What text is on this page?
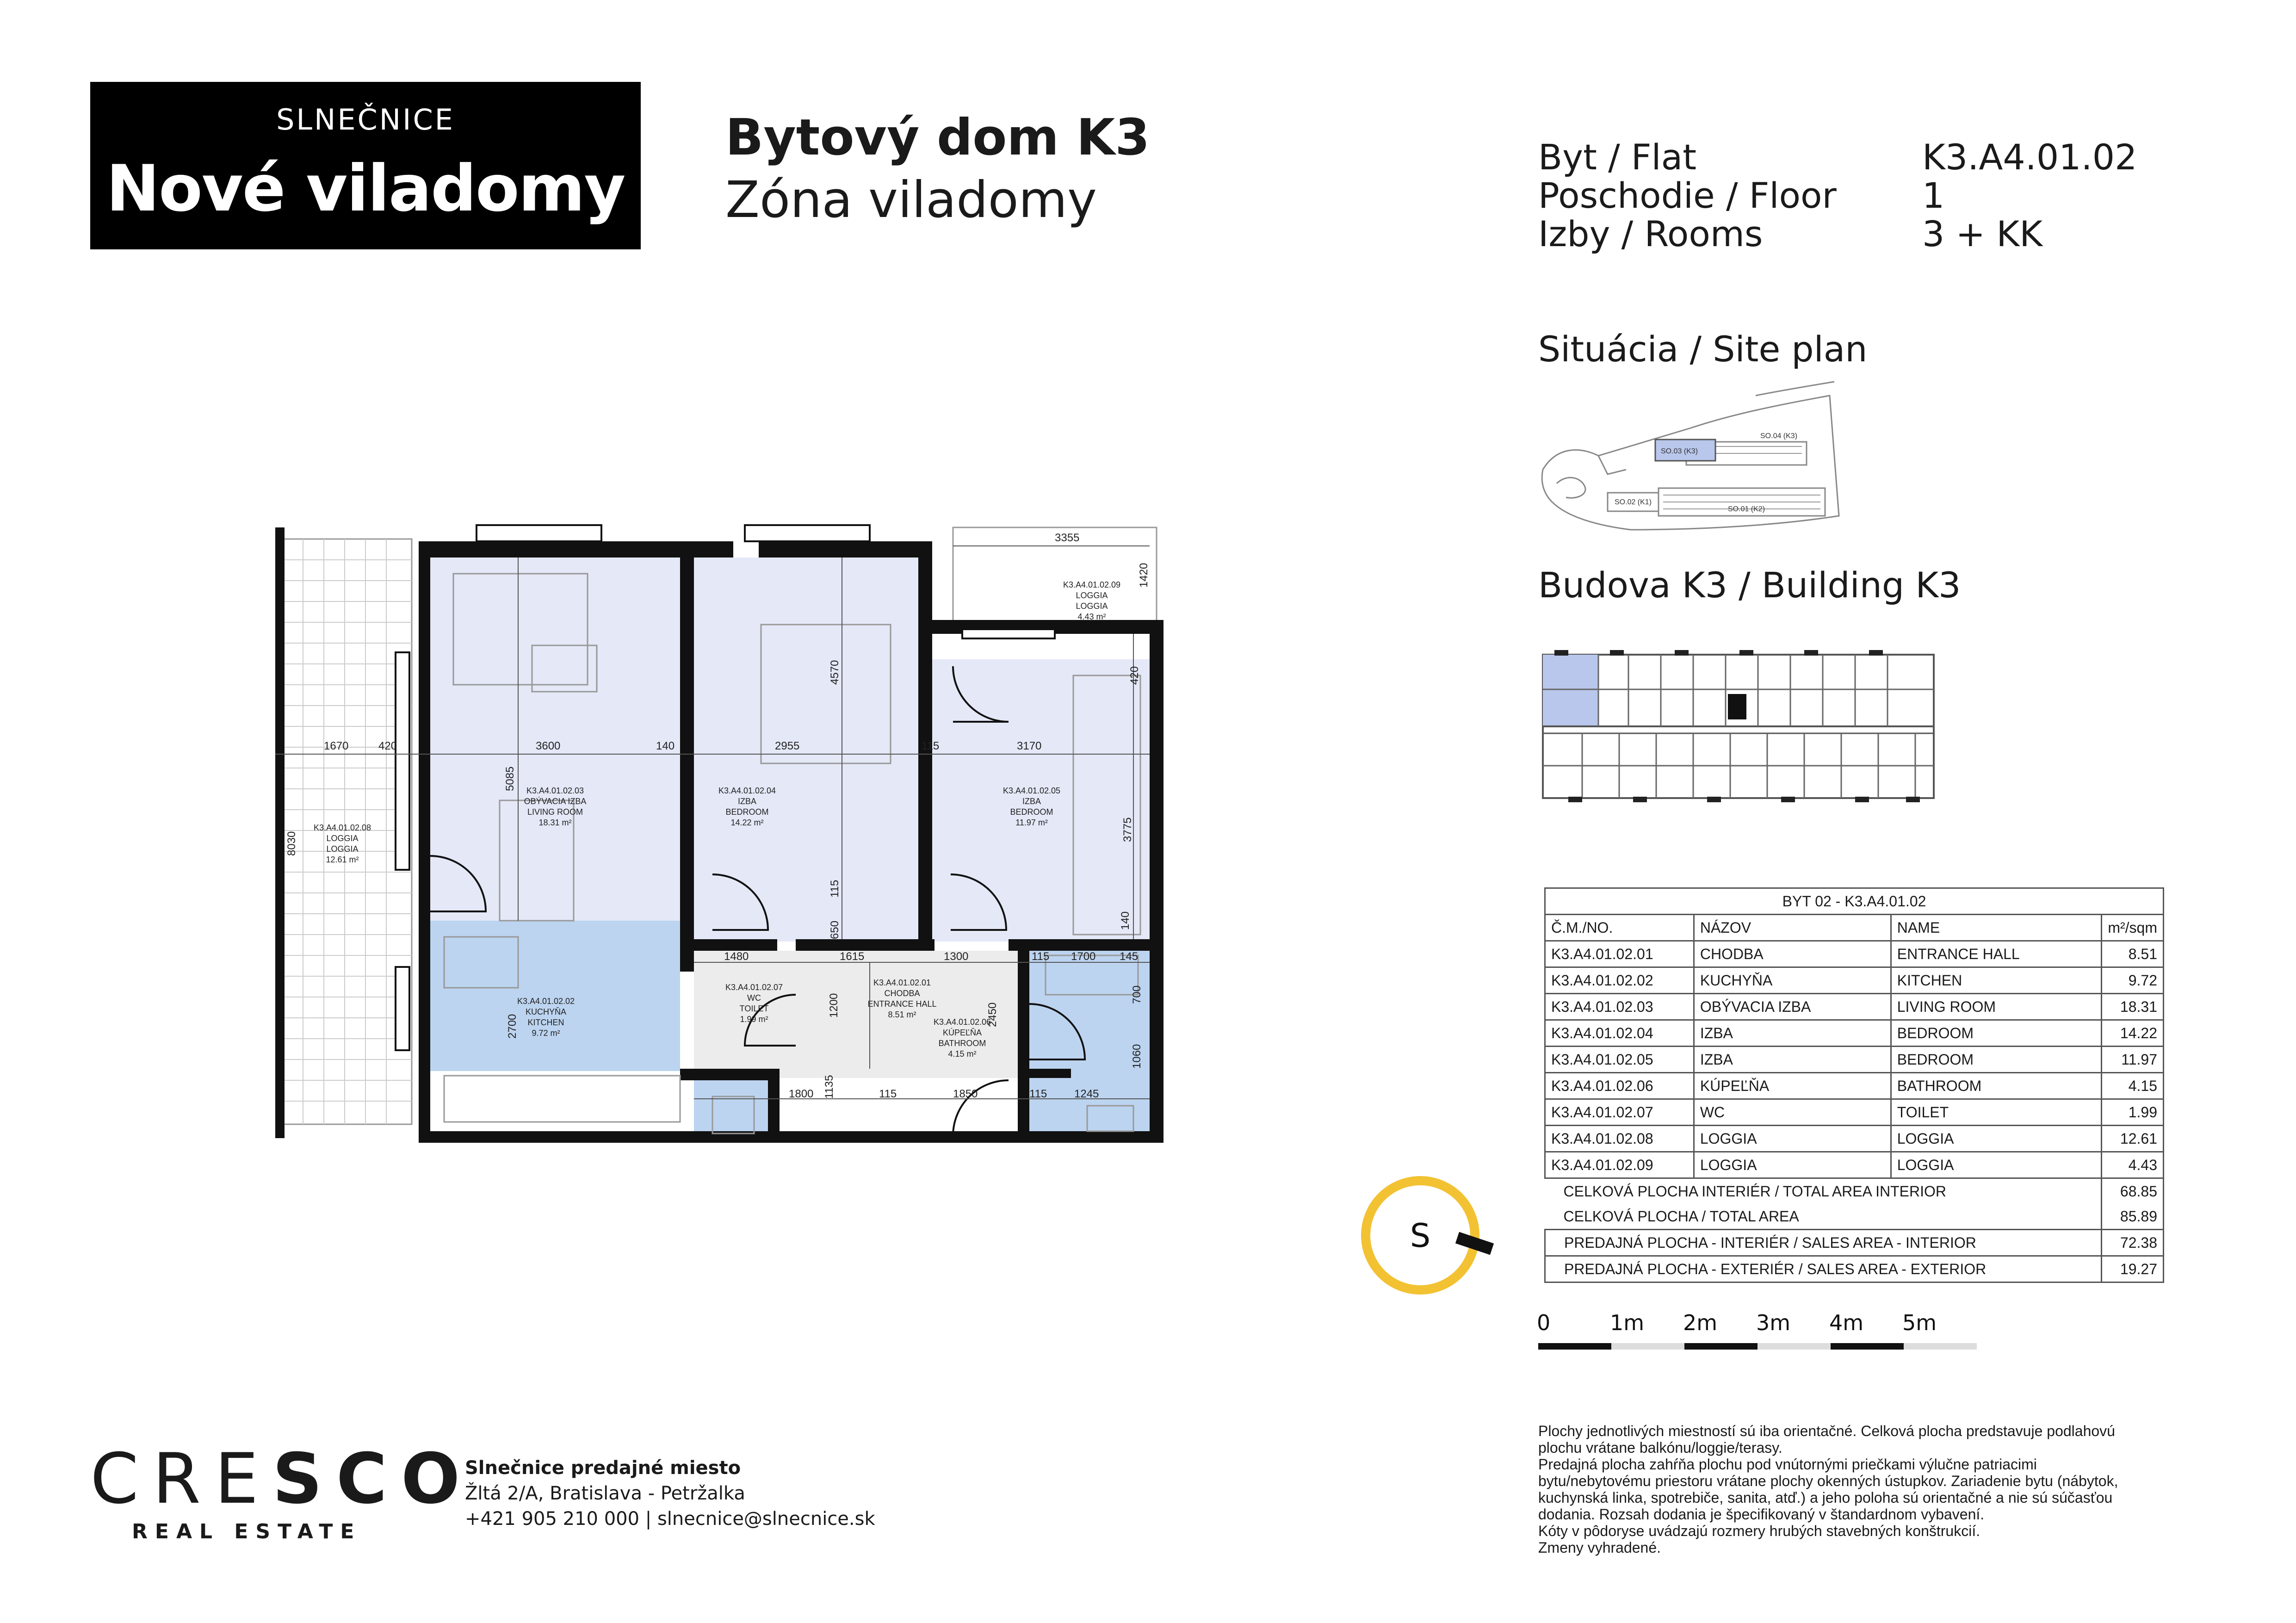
SLNEČNICE
Nové viladomy
Bytový dom K3
Zóna viladomy
Byt / Flat	K3.A4.01.02
Poschodie / Floor 1
Izby / Rooms	3 + KK
Situácia / Site plan
SO.03 (K3)
SO.04 (K3)
SO.02 (K1)
SO.01 (K2)
Budova K3 / Building K3
BYT 02 - K3.A4.01.02			
Č.M./NO.	NÁZOV	NAME	m²/sqm
K3.A4.01.02.01	CHODBA	ENTRANCE HALL	8.51
K3.A4.01.02.02	KUCHYŇA	KITCHEN	9.72
K3.A4.01.02.03	OBÝVACIA IZBA	LIVING ROOM	18.31
K3.A4.01.02.04	IZBA	BEDROOM	14.22
K3.A4.01.02.05	IZBA	BEDROOM	11.97
K3.A4.01.02.06	KÚPEĽŇA	BATHROOM	4.15
K3.A4.01.02.07	WC	TOILET	1.99
K3.A4.01.02.08	LOGGIA	LOGGIA	12.61
K3.A4.01.02.09	LOGGIA	LOGGIA	4.43
CELKOVÁ PLOCHA INTERIÉR / TOTAL AREA INTERIOR			68.85
CELKOVÁ PLOCHA / TOTAL AREA			85.89
PREDAJNÁ PLOCHA - INTERIÉR / SALES AREA - INTERIOR			72.38
PREDAJNÁ PLOCHA - EXTERIÉR / SALES AREA - EXTERIOR			19.27
S
0	1m 2m 3m 4m 5m
K3.A4.01.02.03
OBÝVACIA IZBA
LIVING ROOM
18.31 m²
K3.A4.01.02.04
IZBA
BEDROOM
14.22 m²
K3.A4.01.02.05
IZBA
BEDROOM
11.97 m²
K3.A4.01.02.02
KUCHYŇA
KITCHEN
9.72 m²
K3.A4.01.02.07
WC
TOILET
1.99 m²
K3.A4.01.02.01
CHODBA
ENTRANCE HALL
8.51 m²
K3.A4.01.02.06
KÚPEĽŇA
BATHROOM
4.15 m²
K3.A4.01.02.08
LOGGIA
LOGGIA
12.61 m²
K3.A4.01.02.09
LOGGIA
LOGGIA
4.43 m²
3355
1420
420
1670	420	3600	140	2955	115	3170
5085
4570
3775
8030
115
650	140
1480	1615	1300	115 1700 145
2450
700
1200
2700
1135
1800	115	1850	115 1245
1060
CRESCO
REAL ESTATE
Slnečnice predajné miesto
Žltá 2/A, Bratislava - Petržalka
+421 905 210 000 | slnecnice@slnecnice.sk
Plochy jednotlivých miestností sú iba orientačné. Celková plocha predstavuje podlahovú
plochu vrátane balkónu/loggie/terasy.
Predajná plocha zahŕňa plochu pod vnútornými priečkami výlučne patriacimi
bytu/nebytovému priestoru vrátane plochy okenných ústupkov. Zariadenie bytu (nábytok,
kuchynská linka, spotrebiče, sanita, atď.) a jeho poloha sú orientačné a nie sú súčasťou
dodania. Rozsah dodania je špecifikovaný v štandardnom vybavení.
Kóty v pôdoryse uvádzajú rozmery hrubých stavebných konštrukcií.
Zmeny vyhradené.
